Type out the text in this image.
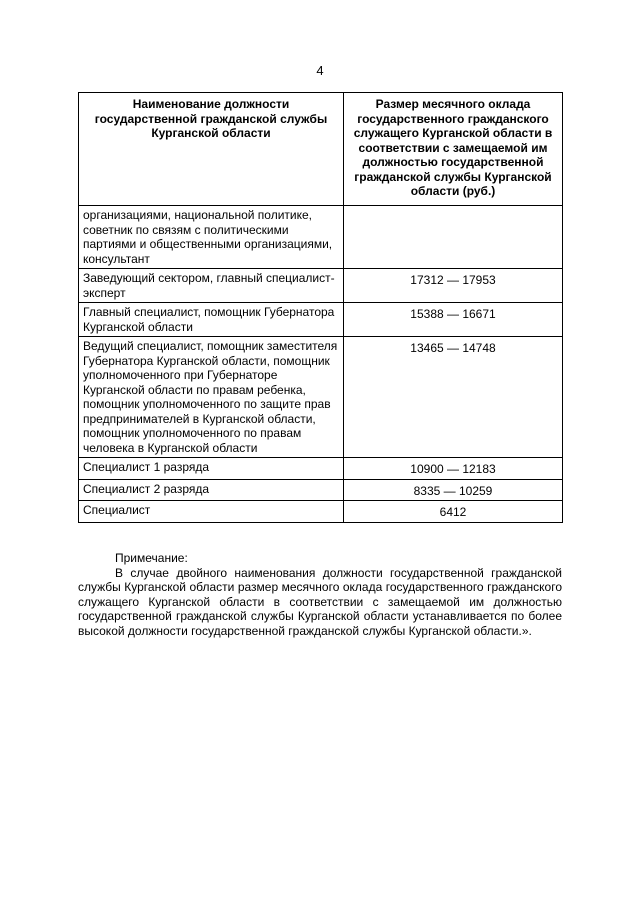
4
Наименование должности государственной гражданской службы Курганской области	Размер месячного оклада государственного гражданского служащего Курганской области в соответствии с замещаемой им должностью государственной гражданской службы Курганской области (руб.)
организациями, национальной политике, советник по связям с политическими партиями и общественными организациями, консультант	
Заведующий сектором, главный специалист-эксперт	17312 — 17953
Главный специалист, помощник Губернатора Курганской области	15388 — 16671
Ведущий специалист, помощник заместителя Губернатора Курганской области, помощник уполномоченного при Губернаторе Курганской области по правам ребенка, помощник уполномоченного по защите прав предпринимателей в Курганской области, помощник уполномоченного по правам человека в Курганской области	13465 — 14748
Специалист 1 разряда	10900 — 12183
Специалист 2 разряда	8335 — 10259
Специалист	6412

Примечание:

В случае двойного наименования должности государственной гражданской службы Курганской области размер месячного оклада государственного гражданского служащего Курганской области в соответствии с замещаемой им должностью государственной гражданской службы Курганской области устанавливается по более высокой должности государственной гражданской службы Курганской области.».
